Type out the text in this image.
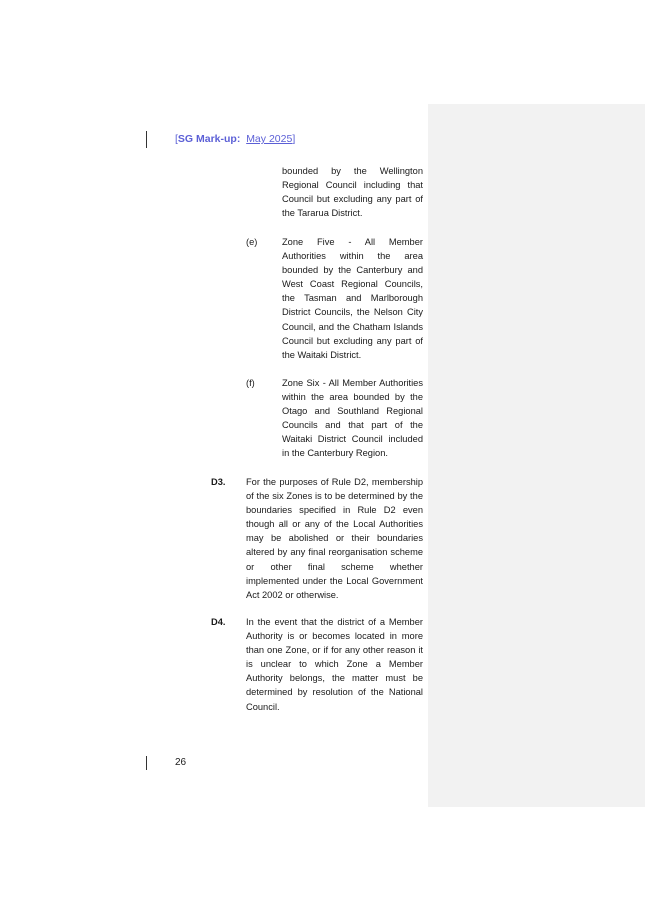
[SG Mark-up: May 2025]

bounded by the Wellington Regional Council including that Council but excluding any part of the Tararua District.

(e)	Zone Five - All Member Authorities within the area bounded by the Canterbury and West Coast Regional Councils, the Tasman and Marlborough District Councils, the Nelson City Council, and the Chatham Islands Council but excluding any part of the Waitaki District.

(f)	Zone Six - All Member Authorities within the area bounded by the Otago and Southland Regional Councils and that part of the Waitaki District Council included in the Canterbury Region.

D3. For the purposes of Rule D2, membership of the six Zones is to be determined by the boundaries specified in Rule D2 even though all or any of the Local Authorities may be abolished or their boundaries altered by any final reorganisation scheme or other final scheme whether implemented under the Local Government Act 2002 or otherwise.

D4. In the event that the district of a Member Authority is or becomes located in more than one Zone, or if for any other reason it is unclear to which Zone a Member Authority belongs, the matter must be determined by resolution of the National Council.

26
